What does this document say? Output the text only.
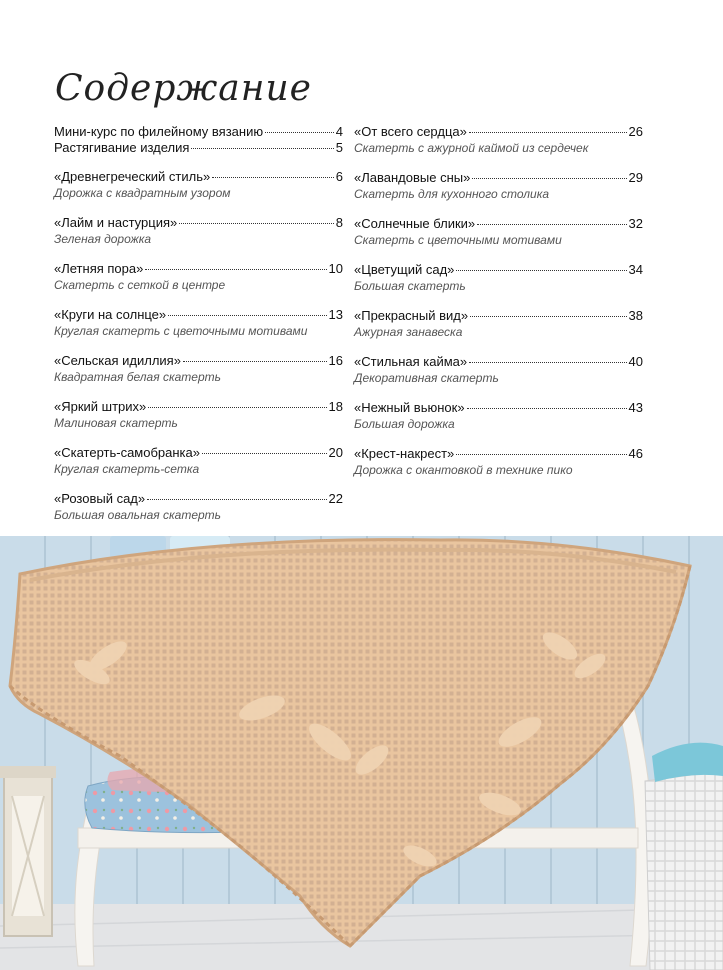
Содержание
Мини-курс по филейному вязанию	4
Растягивание изделия	5
«Древнегреческий стиль»	6
Дорожка с квадратным узором
«Лайм и настурция»	8
Зеленая дорожка
«Летняя пора»	10
Скатерть с сеткой в центре
«Круги на солнце»	13
Круглая скатерть с цветочными мотивами
«Сельская идиллия»	16
Квадратная белая скатерть
«Яркий штрих»	18
Малиновая скатерть
«Скатерть-самобранка»	20
Круглая скатерть-сетка
«Розовый сад»	22
Большая овальная скатерть
«От всего сердца»	26
Скатерть с ажурной каймой из сердечек
«Лавандовые сны»	29
Скатерть для кухонного столика
«Солнечные блики»	32
Скатерть с цветочными мотивами
«Цветущий сад»	34
Большая скатерть
«Прекрасный вид»	38
Ажурная занавеска
«Стильная кайма»	40
Декоративная скатерть
«Нежный вьюнок»	43
Большая дорожка
«Крест-накрест»	46
Дорожка с окантовкой в технике пико
